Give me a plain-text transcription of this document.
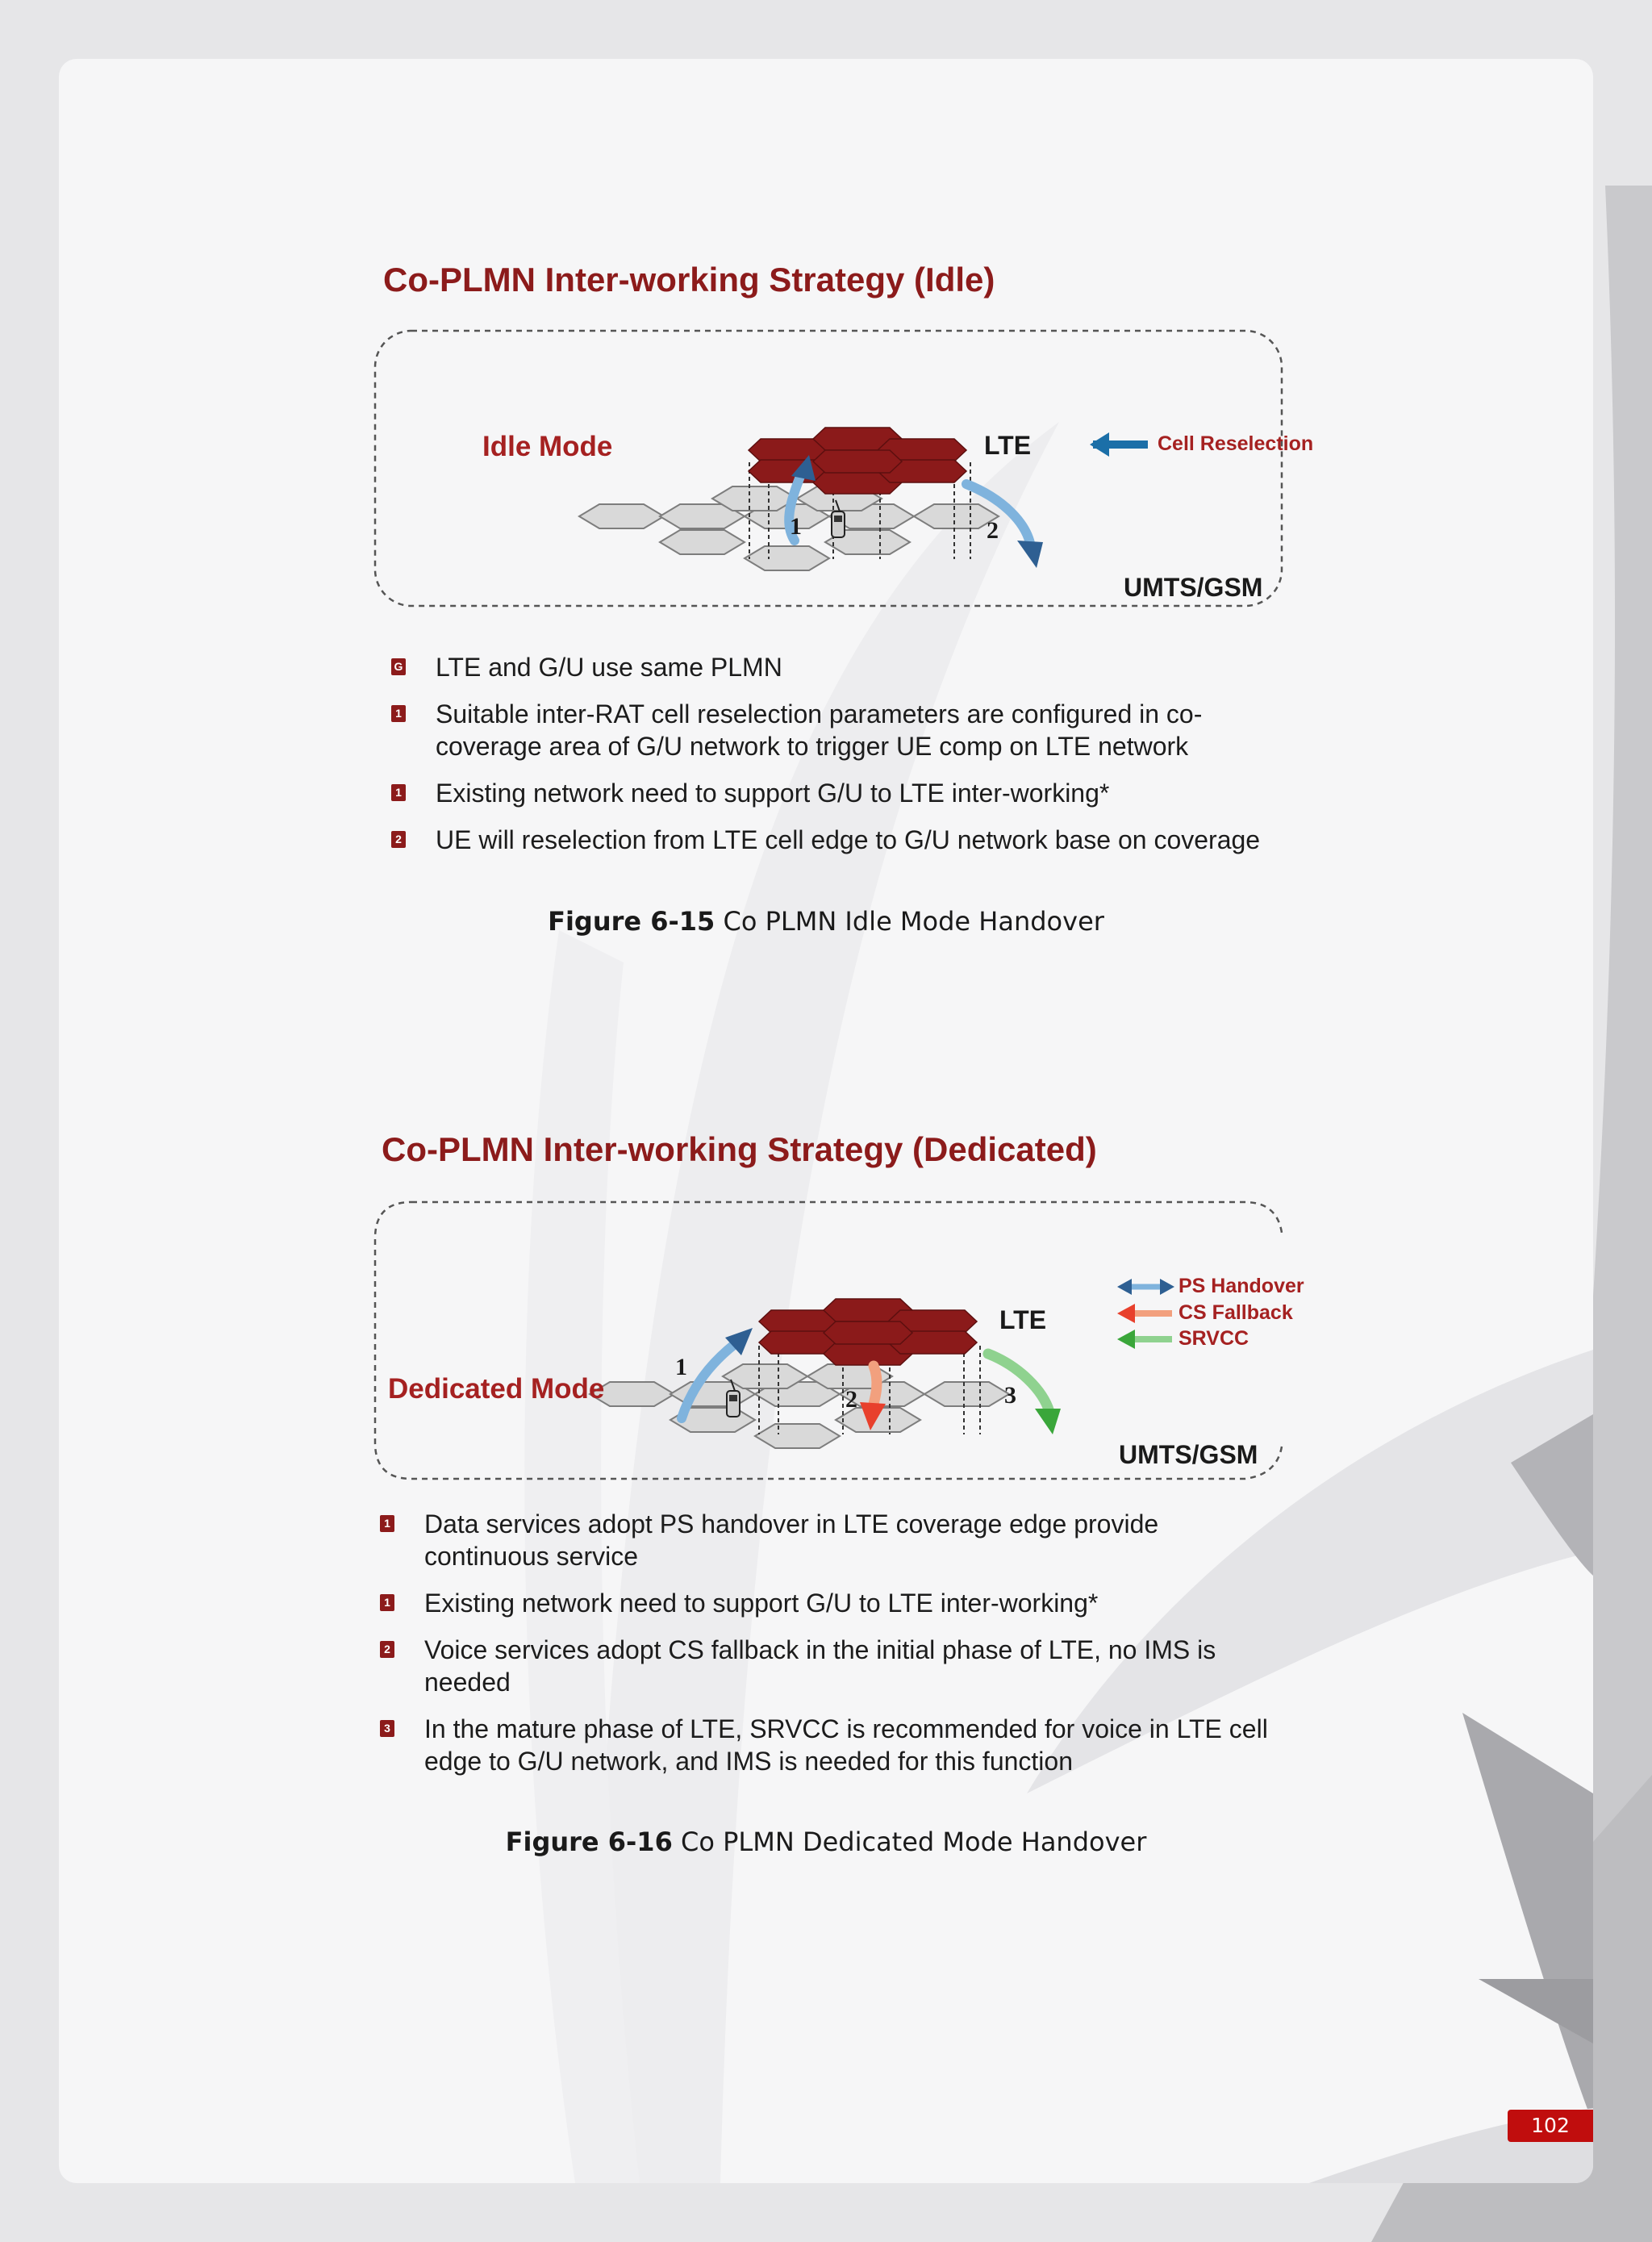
Co-PLMN Inter-working Strategy (Idle)
Idle Mode	LTE
UMTS/GSM
Cell Reselection
1	2
G LTE and G/U use same PLMN
1 Suitable inter-RAT cell reselection parameters are configured in co-
coverage area of G/U network to trigger UE comp on LTE network
1 Existing network need to support G/U to LTE inter-working*
2 UE will reselection from LTE cell edge to G/U network base on coverage

Figure 6-15 Co PLMN Idle Mode Handover

Co-PLMN Inter-working Strategy (Dedicated)
Dedicated Mode
LTE
UMTS/GSM
PS Handover
CS Fallback
SRVCC
1
2	3
1 Data services adopt PS handover in LTE coverage edge provide
continuous service
1 Existing network need to support G/U to LTE inter-working*
2 Voice services adopt CS fallback in the initial phase of LTE, no IMS is
needed
3 In the mature phase of LTE, SRVCC is recommended for voice in LTE cell
edge to G/U network, and IMS is needed for this function

Figure 6-16 Co PLMN Dedicated Mode Handover

102
